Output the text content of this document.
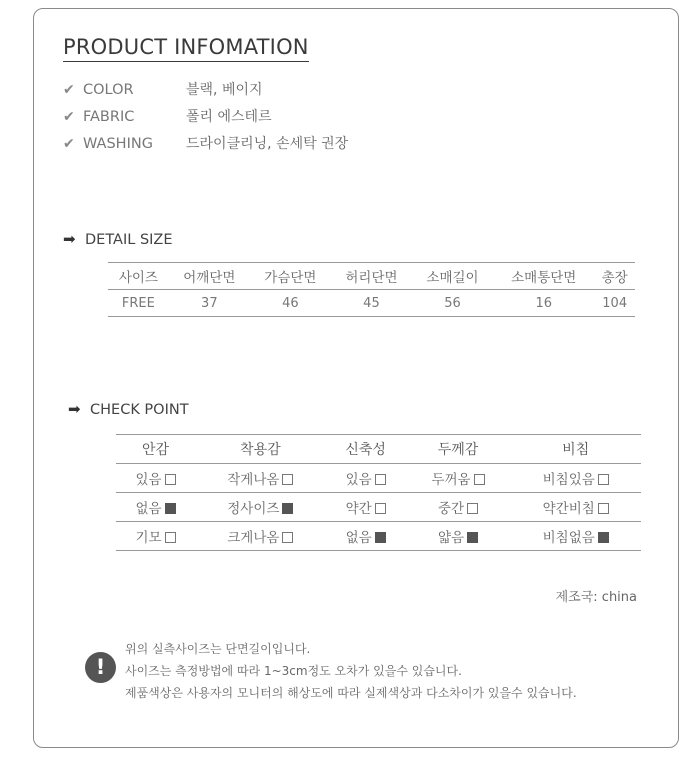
PRODUCT INFOMATION
✔ COLOR	블랙, 베이지
✔ FABRIC	폴리 에스테르
✔ WASHING 드라이클리닝, 손세탁 권장
➡ DETAIL SIZE
사이즈	어깨단면	가슴단면	허리단면	소매길이	소매통단면	총장
FREE	37	46	45	56	16	104
➡ CHECK POINT
안감	착용감	신축성	두께감	비침
있음	작게나옴	있음	두꺼움	비침있음
없음	정사이즈	약간	중간	약간비침
기모	크게나옴	없음	얇음	비침없음
제조국: china
!
위의 실측사이즈는 단면길이입니다.
사이즈는 측정방법에 따라 1~3cm정도 오차가 있을수 있습니다.
제품색상은 사용자의 모니터의 해상도에 따라 실제색상과 다소차이가 있을수 있습니다.
